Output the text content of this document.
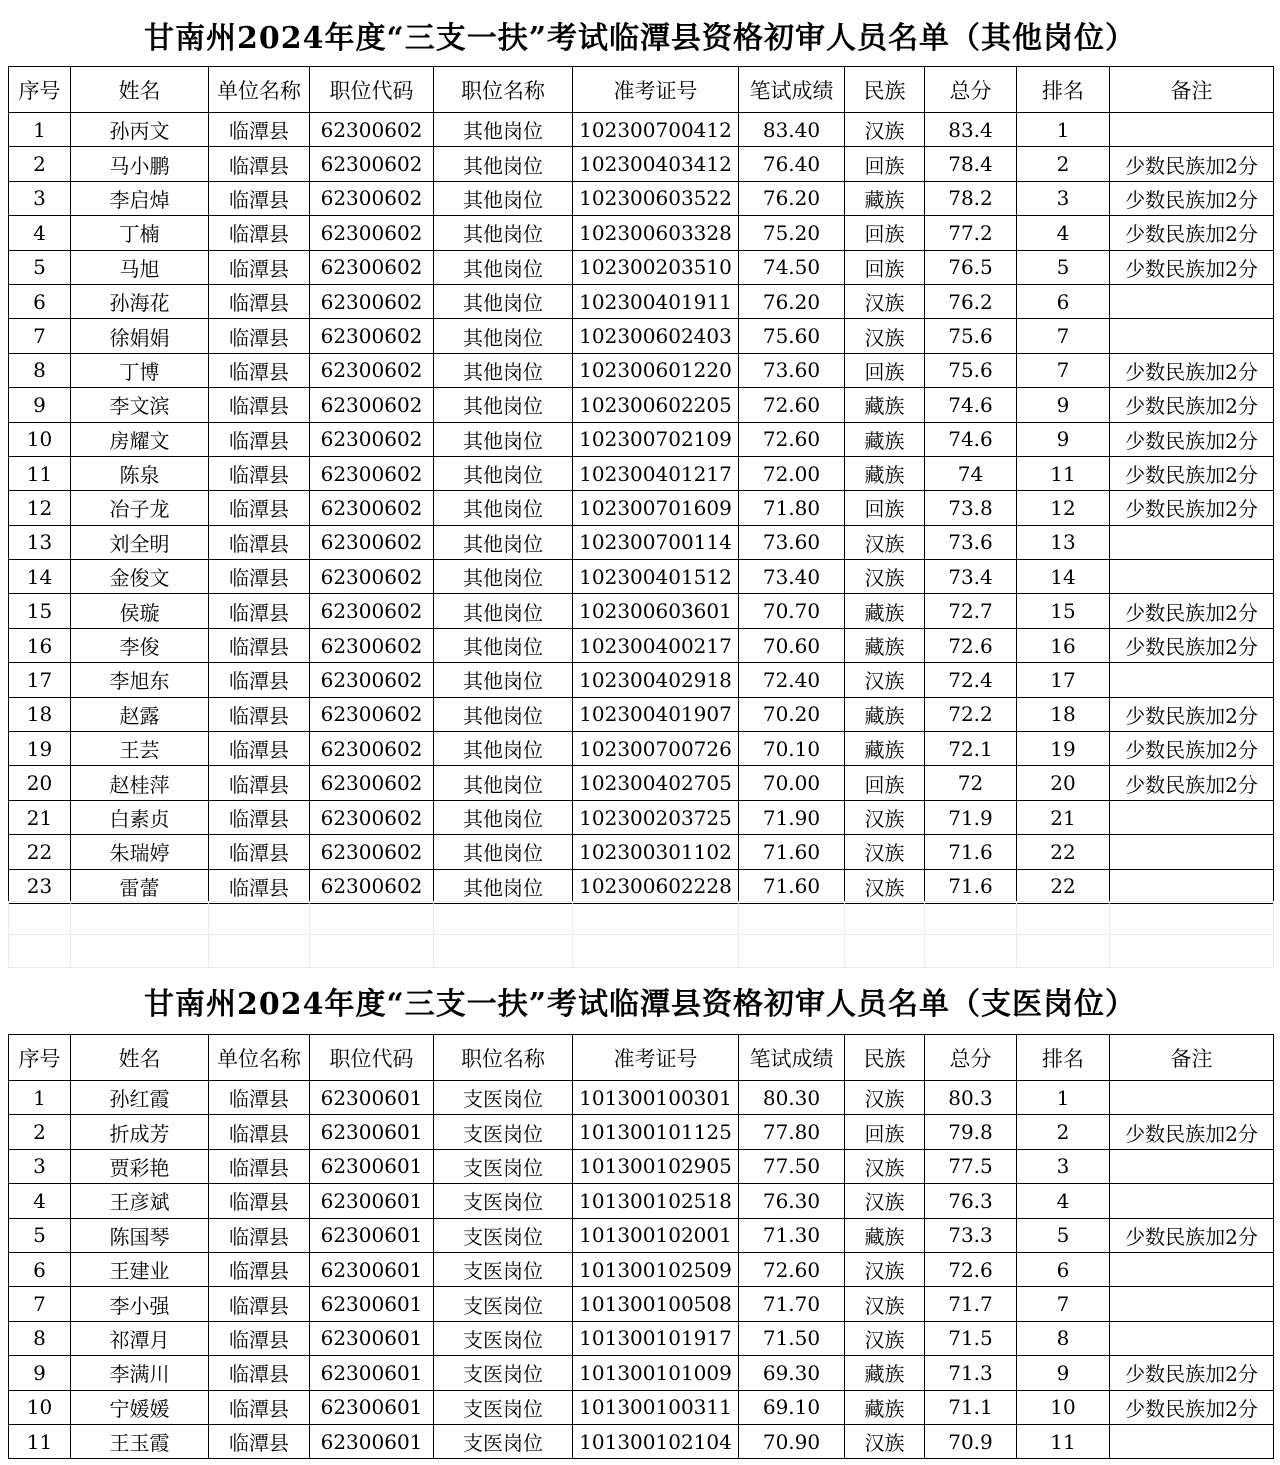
甘南州2024年度“三支一扶”考试临潭县资格初审人员名单（其他岗位）
序号	姓名	单位名称	职位代码	职位名称	准考证号	笔试成绩	民族	总分	排名	备注
1	孙丙文	临潭县	62300602	其他岗位	102300700412	83.40	汉族	83.4	1	
2	马小鹏	临潭县	62300602	其他岗位	102300403412	76.40	回族	78.4	2	少数民族加2分
3	李启焯	临潭县	62300602	其他岗位	102300603522	76.20	藏族	78.2	3	少数民族加2分
4	丁楠	临潭县	62300602	其他岗位	102300603328	75.20	回族	77.2	4	少数民族加2分
5	马旭	临潭县	62300602	其他岗位	102300203510	74.50	回族	76.5	5	少数民族加2分
6	孙海花	临潭县	62300602	其他岗位	102300401911	76.20	汉族	76.2	6	
7	徐娟娟	临潭县	62300602	其他岗位	102300602403	75.60	汉族	75.6	7	
8	丁博	临潭县	62300602	其他岗位	102300601220	73.60	回族	75.6	7	少数民族加2分
9	李文滨	临潭县	62300602	其他岗位	102300602205	72.60	藏族	74.6	9	少数民族加2分
10	房耀文	临潭县	62300602	其他岗位	102300702109	72.60	藏族	74.6	9	少数民族加2分
11	陈泉	临潭县	62300602	其他岗位	102300401217	72.00	藏族	74	11	少数民族加2分
12	冶子龙	临潭县	62300602	其他岗位	102300701609	71.80	回族	73.8	12	少数民族加2分
13	刘全明	临潭县	62300602	其他岗位	102300700114	73.60	汉族	73.6	13	
14	金俊文	临潭县	62300602	其他岗位	102300401512	73.40	汉族	73.4	14	
15	侯璇	临潭县	62300602	其他岗位	102300603601	70.70	藏族	72.7	15	少数民族加2分
16	李俊	临潭县	62300602	其他岗位	102300400217	70.60	藏族	72.6	16	少数民族加2分
17	李旭东	临潭县	62300602	其他岗位	102300402918	72.40	汉族	72.4	17	
18	赵露	临潭县	62300602	其他岗位	102300401907	70.20	藏族	72.2	18	少数民族加2分
19	王芸	临潭县	62300602	其他岗位	102300700726	70.10	藏族	72.1	19	少数民族加2分
20	赵桂萍	临潭县	62300602	其他岗位	102300402705	70.00	回族	72	20	少数民族加2分
21	白素贞	临潭县	62300602	其他岗位	102300203725	71.90	汉族	71.9	21	
22	朱瑞婷	临潭县	62300602	其他岗位	102300301102	71.60	汉族	71.6	22	
23	雷蕾	临潭县	62300602	其他岗位	102300602228	71.60	汉族	71.6	22	

甘南州2024年度“三支一扶”考试临潭县资格初审人员名单（支医岗位）
序号	姓名	单位名称	职位代码	职位名称	准考证号	笔试成绩	民族	总分	排名	备注
1	孙红霞	临潭县	62300601	支医岗位	101300100301	80.30	汉族	80.3	1	
2	折成芳	临潭县	62300601	支医岗位	101300101125	77.80	回族	79.8	2	少数民族加2分
3	贾彩艳	临潭县	62300601	支医岗位	101300102905	77.50	汉族	77.5	3	
4	王彦斌	临潭县	62300601	支医岗位	101300102518	76.30	汉族	76.3	4	
5	陈国琴	临潭县	62300601	支医岗位	101300102001	71.30	藏族	73.3	5	少数民族加2分
6	王建业	临潭县	62300601	支医岗位	101300102509	72.60	汉族	72.6	6	
7	李小强	临潭县	62300601	支医岗位	101300100508	71.70	汉族	71.7	7	
8	祁潭月	临潭县	62300601	支医岗位	101300101917	71.50	汉族	71.5	8	
9	李满川	临潭县	62300601	支医岗位	101300101009	69.30	藏族	71.3	9	少数民族加2分
10	宁媛媛	临潭县	62300601	支医岗位	101300100311	69.10	藏族	71.1	10	少数民族加2分
11	王玉霞	临潭县	62300601	支医岗位	101300102104	70.90	汉族	70.9	11	
